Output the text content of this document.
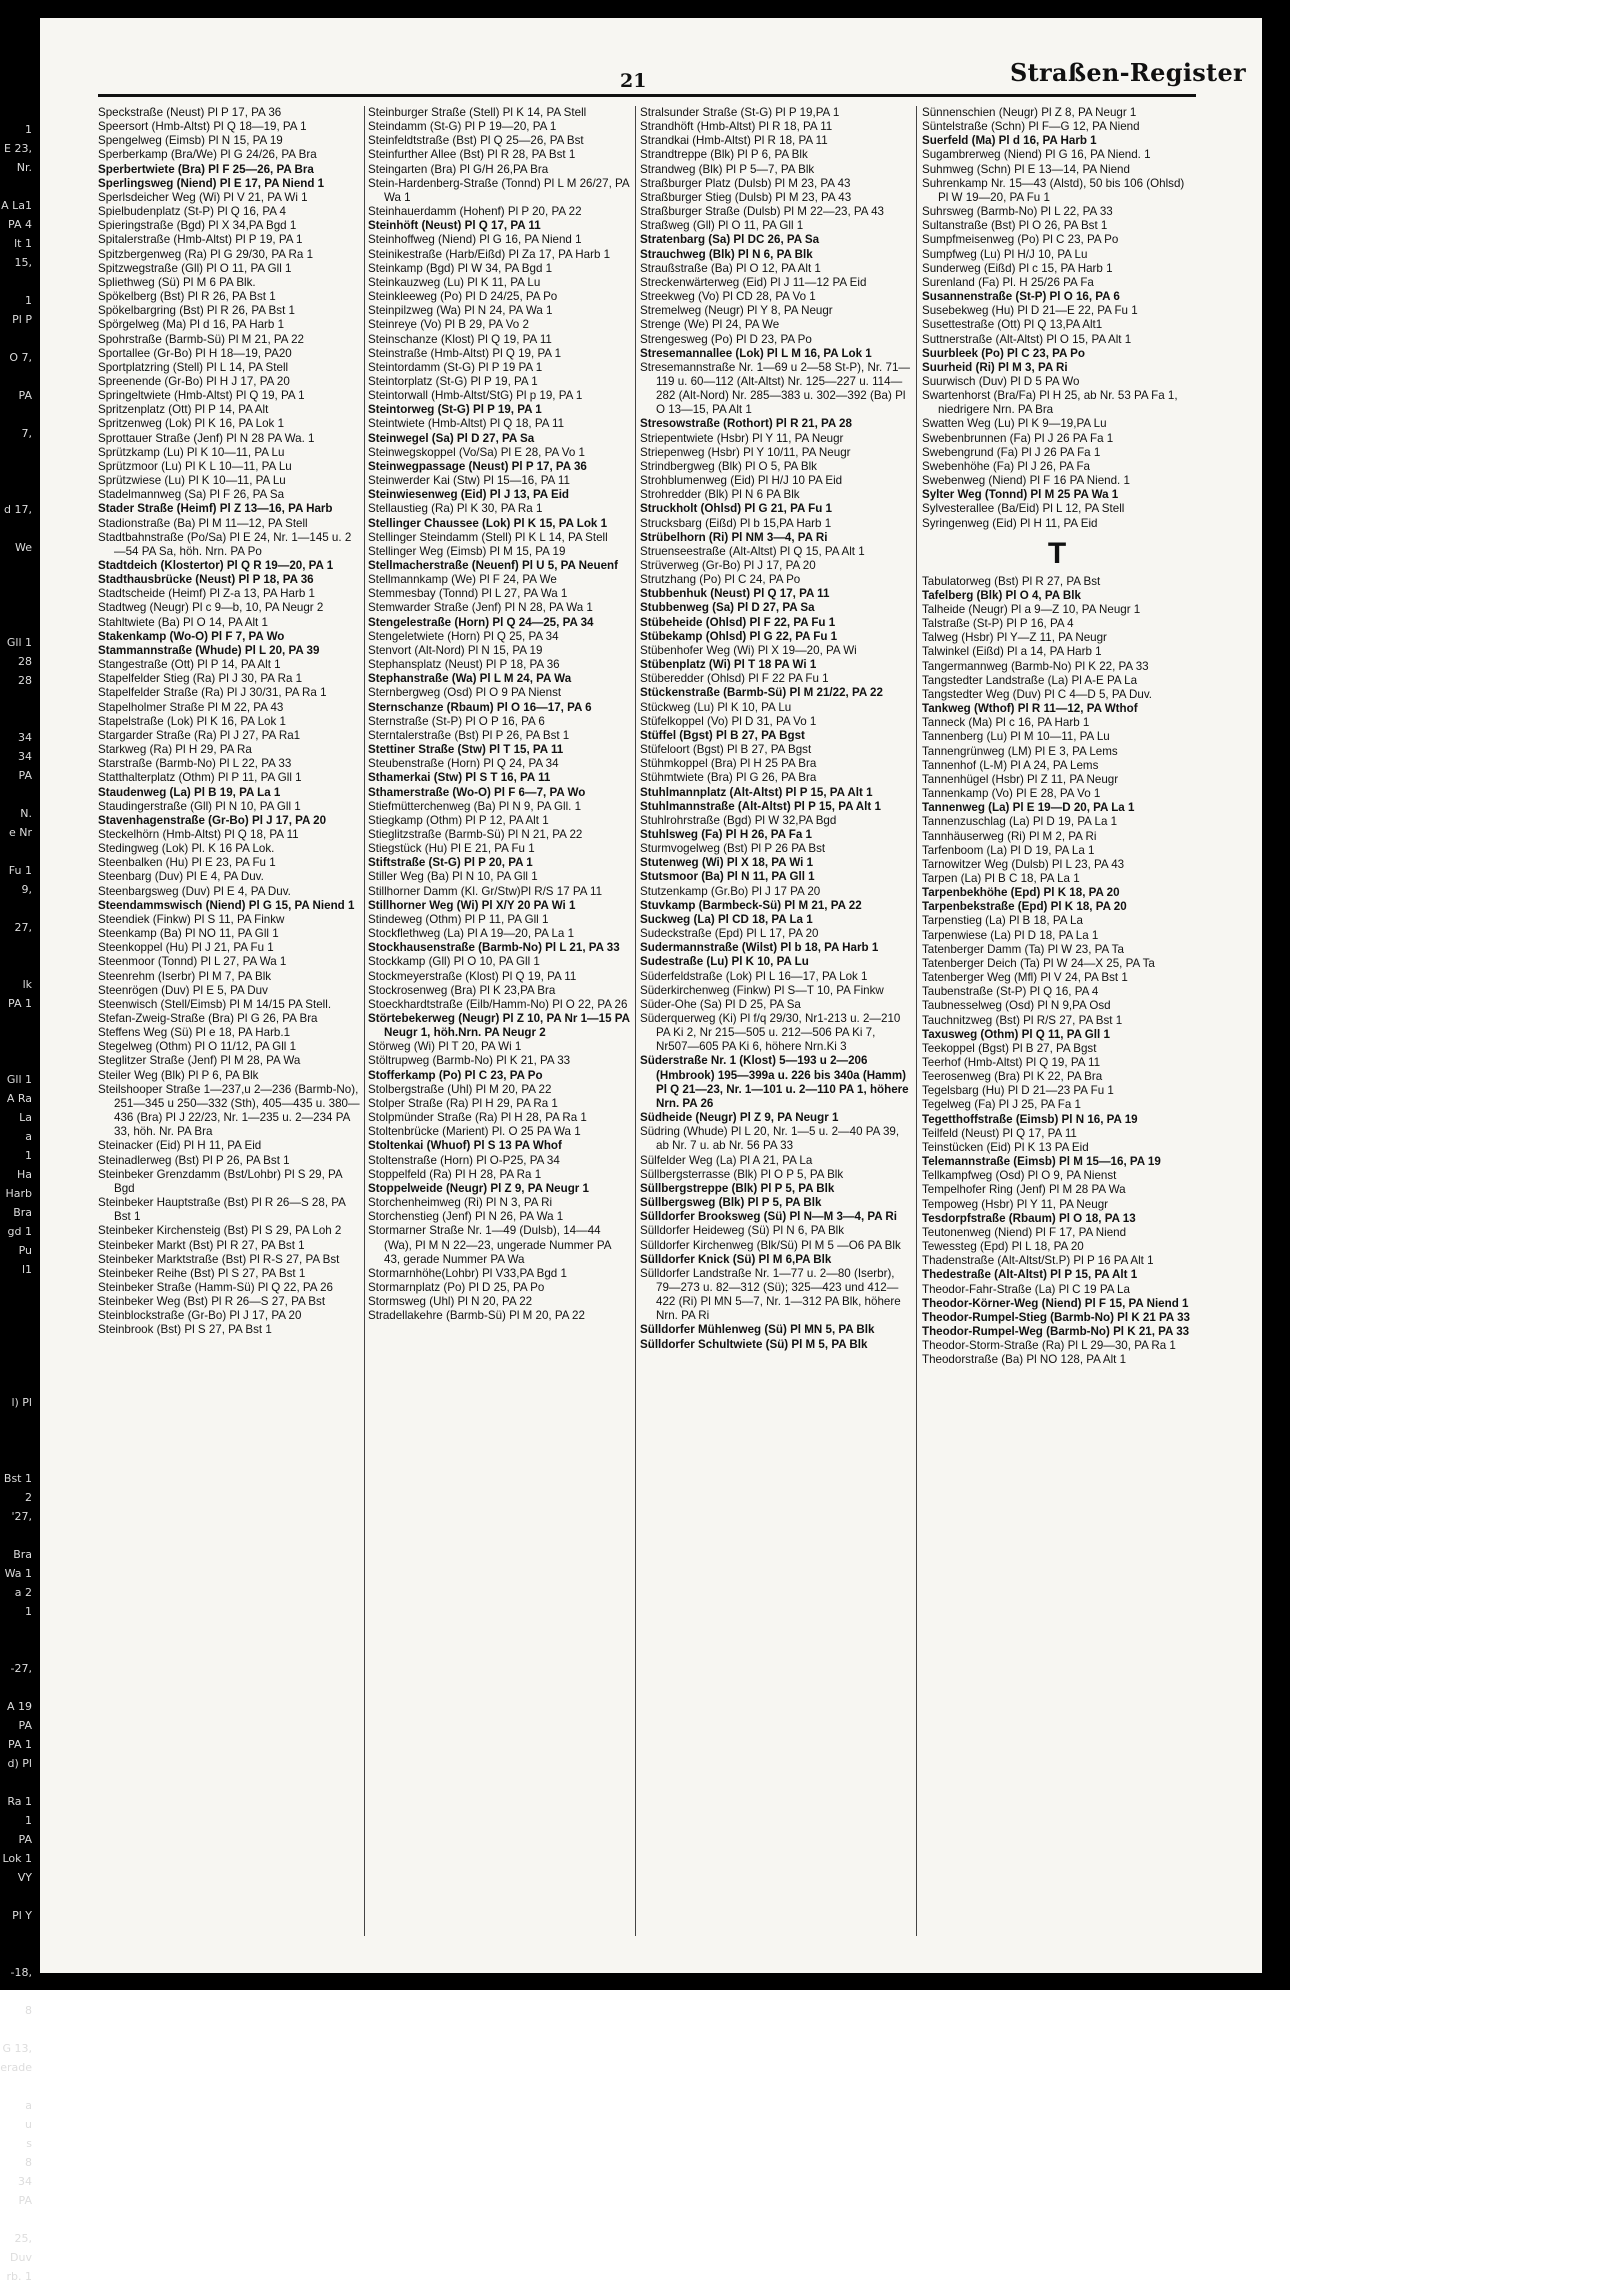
1
E 23,
Nr.

A La1
PA 4
lt 1
15,

1
Pl P

O 7,

PA

7,

d 17,

We

Gll 1
28
28

34
34
PA

N.
e Nr

Fu 1
9,

27,

lk
PA 1

Gll 1
A Ra
La
a
1
Ha
Harb
Bra
gd 1
Pu
l1

l) Pl

Bst 1
2
'27,

Bra
Wa 1
a 2
1

-27,

A 19
PA
PA 1
d) Pl

Ra 1
1
PA
Lok 1
VY

Pl Y

-18,

8

G 13,
erade

a
u
s
8
34
PA

25,
Duv
rb. 1
21	Straßen-Register
Speckstraße (Neust) Pl P 17, PA 36
Speersort (Hmb-Altst) Pl Q 18—19, PA 1
Spengelweg (Eimsb) Pl N 15, PA 19
Sperberkamp (Bra/We) Pl G 24/26, PA Bra
Sperbertwiete (Bra) Pl F 25—26, PA Bra
Sperlingsweg (Niend) Pl E 17, PA Niend 1
Sperlsdeicher Weg (Wi) Pl V 21, PA Wi 1
Spielbudenplatz (St-P) Pl Q 16, PA 4
Spieringstraße (Bgd) Pl X 34,PA Bgd 1
Spitalerstraße (Hmb-Altst) Pl P 19, PA 1
Spitzbergenweg (Ra) Pl G 29/30, PA Ra 1
Spitzwegstraße (Gll) Pl O 11, PA Gll 1
Spliethweg (Sü) Pl M 6 PA Blk.
Spökelberg (Bst) Pl R 26, PA Bst 1
Spökelbargring (Bst) Pl R 26, PA Bst 1
Spörgelweg (Ma) Pl d 16, PA Harb 1
Spohrstraße (Barmb-Sü) Pl M 21, PA 22
Sportallee (Gr-Bo) Pl H 18—19, PA20
Sportplatzring (Stell) Pl L 14, PA Stell
Spreenende (Gr-Bo) Pl H J 17, PA 20
Springeltwiete (Hmb-Altst) Pl Q 19, PA 1
Spritzenplatz (Ott) Pl P 14, PA Alt
Spritzenweg (Lok) Pl K 16, PA Lok 1
Sprottauer Straße (Jenf) Pl N 28 PA Wa. 1
Sprützkamp (Lu) Pl K 10—11, PA Lu
Sprützmoor (Lu) Pl K L 10—11, PA Lu
Sprützwiese (Lu) Pl K 10—11, PA Lu
Stadelmannweg (Sa) Pl F 26, PA Sa
Stader Straße (Heimf) Pl Z 13—16, PA Harb
Stadionstraße (Ba) Pl M 11—12, PA Stell
Stadtbahnstraße (Po/Sa) Pl E 24, Nr. 1—145 u. 2—54 PA Sa, höh. Nrn. PA Po
Stadtdeich (Klostertor) Pl Q R 19—20, PA 1
Stadthausbrücke (Neust) Pl P 18, PA 36
Stadtscheide (Heimf) Pl Z-a 13, PA Harb 1
Stadtweg (Neugr) Pl c 9—b, 10, PA Neugr 2
Stahltwiete (Ba) Pl O 14, PA Alt 1
Stakenkamp (Wo-O) Pl F 7, PA Wo
Stammannstraße (Whude) Pl L 20, PA 39
Stangestraße (Ott) Pl P 14, PA Alt 1
Stapelfelder Stieg (Ra) Pl J 30, PA Ra 1
Stapelfelder Straße (Ra) Pl J 30/31, PA Ra 1
Stapelholmer Straße Pl M 22, PA 43
Stapelstraße (Lok) Pl K 16, PA Lok 1
Stargarder Straße (Ra) Pl J 27, PA Ra1
Starkweg (Ra) Pl H 29, PA Ra
Starstraße (Barmb-No) Pl L 22, PA 33
Statthalterplatz (Othm) Pl P 11, PA Gll 1
Staudenweg (La) Pl B 19, PA La 1
Staudingerstraße (Gll) Pl N 10, PA Gll 1
Stavenhagenstraße (Gr-Bo) Pl J 17, PA 20
Steckelhörn (Hmb-Altst) Pl Q 18, PA 11
Stedingweg (Lok) Pl. K 16 PA Lok.
Steenbalken (Hu) Pl E 23, PA Fu 1
Steenbarg (Duv) Pl E 4, PA Duv.
Steenbargsweg (Duv) Pl E 4, PA Duv.
Steendammswisch (Niend) Pl G 15, PA Niend 1
Steendiek (Finkw) Pl S 11, PA Finkw
Steenkamp (Ba) Pl NO 11, PA Gll 1
Steenkoppel (Hu) Pl J 21, PA Fu 1
Steenmoor (Tonnd) Pl L 27, PA Wa 1
Steenrehm (Iserbr) Pl M 7, PA Blk
Steenrögen (Duv) Pl E 5, PA Duv
Steenwisch (Stell/Eimsb) Pl M 14/15 PA Stell.
Stefan-Zweig-Straße (Bra) Pl G 26, PA Bra
Steffens Weg (Sü) Pl e 18, PA Harb.1
Stegelweg (Othm) Pl O 11/12, PA Gll 1
Steglitzer Straße (Jenf) Pl M 28, PA Wa
Steiler Weg (Blk) Pl P 6, PA Blk
Steilshooper Straße 1—237,u 2—236 (Barmb-No), 251—345 u 250—332 (Sth), 405—435 u. 380—436 (Bra) Pl J 22/23, Nr. 1—235 u. 2—234 PA 33, höh. Nr. PA Bra
Steinacker (Eid) Pl H 11, PA Eid
Steinadlerweg (Bst) Pl P 26, PA Bst 1
Steinbeker Grenzdamm (Bst/Lohbr) Pl S 29, PA Bgd
Steinbeker Hauptstraße (Bst) Pl R 26—S 28, PA Bst 1
Steinbeker Kirchensteig (Bst) Pl S 29, PA Loh 2
Steinbeker Markt (Bst) Pl R 27, PA Bst 1
Steinbeker Marktstraße (Bst) Pl R-S 27, PA Bst
Steinbeker Reihe (Bst) Pl S 27, PA Bst 1
Steinbeker Straße (Hamm-Sü) Pl Q 22, PA 26
Steinbeker Weg (Bst) Pl R 26—S 27, PA Bst
Steinblockstraße (Gr-Bo) Pl J 17, PA 20
Steinbrook (Bst) Pl S 27, PA Bst 1
Steinburger Straße (Stell) Pl K 14, PA Stell
Steindamm (St-G) Pl P 19—20, PA 1
Steinfeldtstraße (Bst) Pl Q 25—26, PA Bst
Steinfurther Allee (Bst) Pl R 28, PA Bst 1
Steingarten (Bra) Pl G/H 26,PA Bra
Stein-Hardenberg-Straße (Tonnd) Pl L M 26/27, PA Wa 1
Steinhauerdamm (Hohenf) Pl P 20, PA 22
Steinhöft (Neust) Pl Q 17, PA 11
Steinhoffweg (Niend) Pl G 16, PA Niend 1
Steinikestraße (Harb/Eißd) Pl Za 17, PA Harb 1
Steinkamp (Bgd) Pl W 34, PA Bgd 1
Steinkauzweg (Lu) Pl K 11, PA Lu
Steinkleeweg (Po) Pl D 24/25, PA Po
Steinpilzweg (Wa) Pl N 24, PA Wa 1
Steinreye (Vo) Pl B 29, PA Vo 2
Steinschanze (Klost) Pl Q 19, PA 11
Steinstraße (Hmb-Altst) Pl Q 19, PA 1
Steintordamm (St-G) Pl P 19 PA 1
Steintorplatz (St-G) Pl P 19, PA 1
Steintorwall (Hmb-Altst/StG) Pl p 19, PA 1
Steintorweg (St-G) Pl P 19, PA 1
Steintwiete (Hmb-Altst) Pl Q 18, PA 11
Steinwegel (Sa) Pl D 27, PA Sa
Steinwegskoppel (Vo/Sa) Pl E 28, PA Vo 1
Steinwegpassage (Neust) Pl P 17, PA 36
Steinwerder Kai (Stw) Pl 15—16, PA 11
Steinwiesenweg (Eid) Pl J 13, PA Eid
Stellaustieg (Ra) Pl K 30, PA Ra 1
Stellinger Chaussee (Lok) Pl K 15, PA Lok 1
Stellinger Steindamm (Stell) Pl K L 14, PA Stell
Stellinger Weg (Eimsb) Pl M 15, PA 19
Stellmacherstraße (Neuenf) Pl U 5, PA Neuenf
Stellmannkamp (We) Pl F 24, PA We
Stemmesbay (Tonnd) Pl L 27, PA Wa 1
Stemwarder Straße (Jenf) Pl N 28, PA Wa 1
Stengelestraße (Horn) Pl Q 24—25, PA 34
Stengeletwiete (Horn) Pl Q 25, PA 34
Stenvort (Alt-Nord) Pl N 15, PA 19
Stephansplatz (Neust) Pl P 18, PA 36
Stephanstraße (Wa) Pl L M 24, PA Wa
Sternbergweg (Osd) Pl O 9 PA Nienst
Sternschanze (Rbaum) Pl O 16—17, PA 6
Sternstraße (St-P) Pl O P 16, PA 6
Sterntalerstraße (Bst) Pl P 26, PA Bst 1
Stettiner Straße (Stw) Pl T 15, PA 11
Steubenstraße (Horn) Pl Q 24, PA 34
Sthamerkai (Stw) Pl S T 16, PA 11
Sthamerstraße (Wo-O) Pl F 6—7, PA Wo
Stiefmütterchenweg (Ba) Pl N 9, PA Gll. 1
Stiegkamp (Othm) Pl P 12, PA Alt 1
Stieglitzstraße (Barmb-Sü) Pl N 21, PA 22
Stiegstück (Hu) Pl E 21, PA Fu 1
Stiftstraße (St-G) Pl P 20, PA 1
Stiller Weg (Ba) Pl N 10, PA Gll 1
Stillhorner Damm (Kl. Gr/Stw)Pl R/S 17 PA 11
Stillhorner Weg (Wi) Pl X/Y 20 PA Wi 1
Stindeweg (Othm) Pl P 11, PA Gll 1
Stockflethweg (La) Pl A 19—20, PA La 1
Stockhausenstraße (Barmb-No) Pl L 21, PA 33
Stockkamp (Gll) Pl O 10, PA Gll 1
Stockmeyerstraße (Klost) Pl Q 19, PA 11
Stockrosenweg (Bra) Pl K 23,PA Bra
Stoeckhardtstraße (Eilb/Hamm-No) Pl O 22, PA 26
Störtebekerweg (Neugr) Pl Z 10, PA Nr 1—15 PA Neugr 1, höh.Nrn. PA Neugr 2
Störweg (Wi) Pl T 20, PA Wi 1
Stöltrupweg (Barmb-No) Pl K 21, PA 33
Stofferkamp (Po) Pl C 23, PA Po
Stolbergstraße (Uhl) Pl M 20, PA 22
Stolper Straße (Ra) Pl H 29, PA Ra 1
Stolpmünder Straße (Ra) Pl H 28, PA Ra 1
Stoltenbrücke (Marient) Pl. O 25 PA Wa 1
Stoltenkai (Whuof) Pl S 13 PA Whof
Stoltenstraße (Horn) Pl O-P25, PA 34
Stoppelfeld (Ra) Pl H 28, PA Ra 1
Stoppelweide (Neugr) Pl Z 9, PA Neugr 1
Storchenheimweg (Ri) Pl N 3, PA Ri
Storchenstieg (Jenf) Pl N 26, PA Wa 1
Stormarner Straße Nr. 1—49 (Dulsb), 14—44 (Wa), Pl M N 22—23, ungerade Nummer PA 43, gerade Nummer PA Wa
Stormarnhöhe(Lohbr) Pl V33,PA Bgd 1
Stormarnplatz (Po) Pl D 25, PA Po
Stormsweg (Uhl) Pl N 20, PA 22
Stradellakehre (Barmb-Sü) Pl M 20, PA 22
Stralsunder Straße (St-G) Pl P 19,PA 1
Strandhöft (Hmb-Altst) Pl R 18, PA 11
Strandkai (Hmb-Altst) Pl R 18, PA 11
Strandtreppe (Blk) Pl P 6, PA Blk
Strandweg (Blk) Pl P 5—7, PA Blk
Straßburger Platz (Dulsb) Pl M 23, PA 43
Straßburger Stieg (Dulsb) Pl M 23, PA 43
Straßburger Straße (Dulsb) Pl M 22—23, PA 43
Straßweg (Gll) Pl O 11, PA Gll 1
Stratenbarg (Sa) Pl DC 26, PA Sa
Strauchweg (Blk) Pl N 6, PA Blk
Straußstraße (Ba) Pl O 12, PA Alt 1
Streckenwärterweg (Eid) Pl J 11—12 PA Eid
Streekweg (Vo) Pl CD 28, PA Vo 1
Stremelweg (Neugr) Pl Y 8, PA Neugr
Strenge (We) Pl 24, PA We
Strengesweg (Po) Pl D 23, PA Po
Stresemannallee (Lok) Pl L M 16, PA Lok 1
Stresemannstraße Nr. 1—69 u 2—58 St-P), Nr. 71—119 u. 60—112 (Alt-Altst) Nr. 125—227 u. 114—282 (Alt-Nord) Nr. 285—383 u. 302—392 (Ba) Pl O 13—15, PA Alt 1
Stresowstraße (Rothort) Pl R 21, PA 28
Striepentwiete (Hsbr) Pl Y 11, PA Neugr
Striepenweg (Hsbr) Pl Y 10/11, PA Neugr
Strindbergweg (Blk) Pl O 5, PA Blk
Strohblumenweg (Eid) Pl H/J 10 PA Eid
Strohredder (Blk) Pl N 6 PA Blk
Struckholt (Ohlsd) Pl G 21, PA Fu 1
Strucksbarg (Eißd) Pl b 15,PA Harb 1
Strübelhorn (Ri) Pl NM 3—4, PA Ri
Struenseestraße (Alt-Altst) Pl Q 15, PA Alt 1
Strüverweg (Gr-Bo) Pl J 17, PA 20
Strutzhang (Po) Pl C 24, PA Po
Stubbenhuk (Neust) Pl Q 17, PA 11
Stubbenweg (Sa) Pl D 27, PA Sa
Stübeheide (Ohlsd) Pl F 22, PA Fu 1
Stübekamp (Ohlsd) Pl G 22, PA Fu 1
Stübenhofer Weg (Wi) Pl X 19—20, PA Wi
Stübenplatz (Wi) Pl T 18 PA Wi 1
Stüberedder (Ohlsd) Pl F 22 PA Fu 1
Stückenstraße (Barmb-Sü) Pl M 21/22, PA 22
Stückweg (Lu) Pl K 10, PA Lu
Stüfelkoppel (Vo) Pl D 31, PA Vo 1
Stüffel (Bgst) Pl B 27, PA Bgst
Stüfeloort (Bgst) Pl B 27, PA Bgst
Stühmkoppel (Bra) Pl H 25 PA Bra
Stühmtwiete (Bra) Pl G 26, PA Bra
Stuhlmannplatz (Alt-Altst) Pl P 15, PA Alt 1
Stuhlmannstraße (Alt-Altst) Pl P 15, PA Alt 1
Stuhlrohrstraße (Bgd) Pl W 32,PA Bgd
Stuhlsweg (Fa) Pl H 26, PA Fa 1
Sturmvogelweg (Bst) Pl P 26 PA Bst
Stutenweg (Wi) Pl X 18, PA Wi 1
Stutsmoor (Ba) Pl N 11, PA Gll 1
Stutzenkamp (Gr.Bo) Pl J 17 PA 20
Stuvkamp (Barmbeck-Sü) Pl M 21, PA 22
Suckweg (La) Pl CD 18, PA La 1
Sudeckstraße (Epd) Pl L 17, PA 20
Sudermannstraße (Wilst) Pl b 18, PA Harb 1
Sudestraße (Lu) Pl K 10, PA Lu
Süderfeldstraße (Lok) Pl L 16—17, PA Lok 1
Süderkirchenweg (Finkw) Pl S—T 10, PA Finkw
Süder-Ohe (Sa) Pl D 25, PA Sa
Süderquerweg (Ki) Pl f/q 29/30, Nr1-213 u. 2—210 PA Ki 2, Nr 215—505 u. 212—506 PA Ki 7, Nr507—605 PA Ki 6, höhere Nrn.Ki 3
Süderstraße Nr. 1 (Klost) 5—193 u 2—206 (Hmbrook) 195—399a u. 226 bis 340a (Hamm) Pl Q 21—23, Nr. 1—101 u. 2—110 PA 1, höhere Nrn. PA 26
Südheide (Neugr) Pl Z 9, PA Neugr 1
Südring (Whude) Pl L 20, Nr. 1—5 u. 2—40 PA 39, ab Nr. 7 u. ab Nr. 56 PA 33
Sülfelder Weg (La) Pl A 21, PA La
Süllbergsterrasse (Blk) Pl O P 5, PA Blk
Süllbergstreppe (Blk) Pl P 5, PA Blk
Süllbergsweg (Blk) Pl P 5, PA Blk
Sülldorfer Brooksweg (Sü) Pl N—M 3—4, PA Ri
Sülldorfer Heideweg (Sü) Pl N 6, PA Blk
Sülldorfer Kirchenweg (Blk/Sü) Pl M 5 —O6 PA Blk
Sülldorfer Knick (Sü) Pl M 6,PA Blk
Sülldorfer Landstraße Nr. 1—77 u. 2—80 (Iserbr), 79—273 u. 82—312 (Sü); 325—423 und 412—422 (Ri) Pl MN 5—7, Nr. 1—312 PA Blk, höhere Nrn. PA Ri
Sülldorfer Mühlenweg (Sü) Pl MN 5, PA Blk
Sülldorfer Schultwiete (Sü) Pl M 5, PA Blk
Sünnenschien (Neugr) Pl Z 8, PA Neugr 1
Süntelstraße (Schn) Pl F—G 12, PA Niend
Suerfeld (Ma) Pl d 16, PA Harb 1
Sugambrerweg (Niend) Pl G 16, PA Niend. 1
Suhmweg (Schn) Pl E 13—14, PA Niend
Suhrenkamp Nr. 15—43 (Alstd), 50 bis 106 (Ohlsd) Pl W 19—20, PA Fu 1
Suhrsweg (Barmb-No) Pl L 22, PA 33
Sultanstraße (Bst) Pl O 26, PA Bst 1
Sumpfmeisenweg (Po) Pl C 23, PA Po
Sumpfweg (Lu) Pl H/J 10, PA Lu
Sunderweg (Eißd) Pl c 15, PA Harb 1
Surenland (Fa) Pl. H 25/26 PA Fa
Susannenstraße (St-P) Pl O 16, PA 6
Susebekweg (Hu) Pl D 21—E 22, PA Fu 1
Susettestraße (Ott) Pl Q 13,PA Alt1
Suttnerstraße (Alt-Altst) Pl O 15, PA Alt 1
Suurbleek (Po) Pl C 23, PA Po
Suurheid (Ri) Pl M 3, PA Ri
Suurwisch (Duv) Pl D 5 PA Wo
Swartenhorst (Bra/Fa) Pl H 25, ab Nr. 53 PA Fa 1, niedrigere Nrn. PA Bra
Swatten Weg (Lu) Pl K 9—19,PA Lu
Swebenbrunnen (Fa) Pl J 26 PA Fa 1
Swebengrund (Fa) Pl J 26 PA Fa 1
Swebenhöhe (Fa) Pl J 26, PA Fa
Swebenweg (Niend) Pl F 16 PA Niend. 1
Sylter Weg (Tonnd) Pl M 25 PA Wa 1
Sylvesterallee (Ba/Eid) Pl L 12, PA Stell
Syringenweg (Eid) Pl H 11, PA Eid
T
Tabulatorweg (Bst) Pl R 27, PA Bst
Tafelberg (Blk) Pl O 4, PA Blk
Talheide (Neugr) Pl a 9—Z 10, PA Neugr 1
Talstraße (St-P) Pl P 16, PA 4
Talweg (Hsbr) Pl Y—Z 11, PA Neugr
Talwinkel (Eißd) Pl a 14, PA Harb 1
Tangermannweg (Barmb-No) Pl K 22, PA 33
Tangstedter Landstraße (La) Pl A-E PA La
Tangstedter Weg (Duv) Pl C 4—D 5, PA Duv.
Tankweg (Wthof) Pl R 11—12, PA Wthof
Tanneck (Ma) Pl c 16, PA Harb 1
Tannenberg (Lu) Pl M 10—11, PA Lu
Tannengrünweg (LM) Pl E 3, PA Lems
Tannenhof (L-M) Pl A 24, PA Lems
Tannenhügel (Hsbr) Pl Z 11, PA Neugr
Tannenkamp (Vo) Pl E 28, PA Vo 1
Tannenweg (La) Pl E 19—D 20, PA La 1
Tannenzuschlag (La) Pl D 19, PA La 1
Tannhäuserweg (Ri) Pl M 2, PA Ri
Tarfenboom (La) Pl D 19, PA La 1
Tarnowitzer Weg (Dulsb) Pl L 23, PA 43
Tarpen (La) Pl B C 18, PA La 1
Tarpenbekhöhe (Epd) Pl K 18, PA 20
Tarpenbekstraße (Epd) Pl K 18, PA 20
Tarpenstieg (La) Pl B 18, PA La
Tarpenwiese (La) Pl D 18, PA La 1
Tatenberger Damm (Ta) Pl W 23, PA Ta
Tatenberger Deich (Ta) Pl W 24—X 25, PA Ta
Tatenberger Weg (Mfl) Pl V 24, PA Bst 1
Taubenstraße (St-P) Pl Q 16, PA 4
Taubnesselweg (Osd) Pl N 9,PA Osd
Tauchnitzweg (Bst) Pl R/S 27, PA Bst 1
Taxusweg (Othm) Pl Q 11, PA Gll 1
Teekoppel (Bgst) Pl B 27, PA Bgst
Teerhof (Hmb-Altst) Pl Q 19, PA 11
Teerosenweg (Bra) Pl K 22, PA Bra
Tegelsbarg (Hu) Pl D 21—23 PA Fu 1
Tegelweg (Fa) Pl J 25, PA Fa 1
Tegetthoffstraße (Eimsb) Pl N 16, PA 19
Teilfeld (Neust) Pl Q 17, PA 11
Teinstücken (Eid) Pl K 13 PA Eid
Telemannstraße (Eimsb) Pl M 15—16, PA 19
Tellkampfweg (Osd) Pl O 9, PA Nienst
Tempelhofer Ring (Jenf) Pl M 28 PA Wa
Tempoweg (Hsbr) Pl Y 11, PA Neugr
Tesdorpfstraße (Rbaum) Pl O 18, PA 13
Teutonenweg (Niend) Pl F 17, PA Niend
Tewessteg (Epd) Pl L 18, PA 20
Thadenstraße (Alt-Altst/St.P) Pl P 16 PA Alt 1
Thedestraße (Alt-Altst) Pl P 15, PA Alt 1
Theodor-Fahr-Straße (La) Pl C 19 PA La
Theodor-Körner-Weg (Niend) Pl F 15, PA Niend 1
Theodor-Rumpel-Stieg (Barmb-No) Pl K 21 PA 33
Theodor-Rumpel-Weg (Barmb-No) Pl K 21, PA 33
Theodor-Storm-Straße (Ra) Pl L 29—30, PA Ra 1
Theodorstraße (Ba) Pl NO 128, PA Alt 1
